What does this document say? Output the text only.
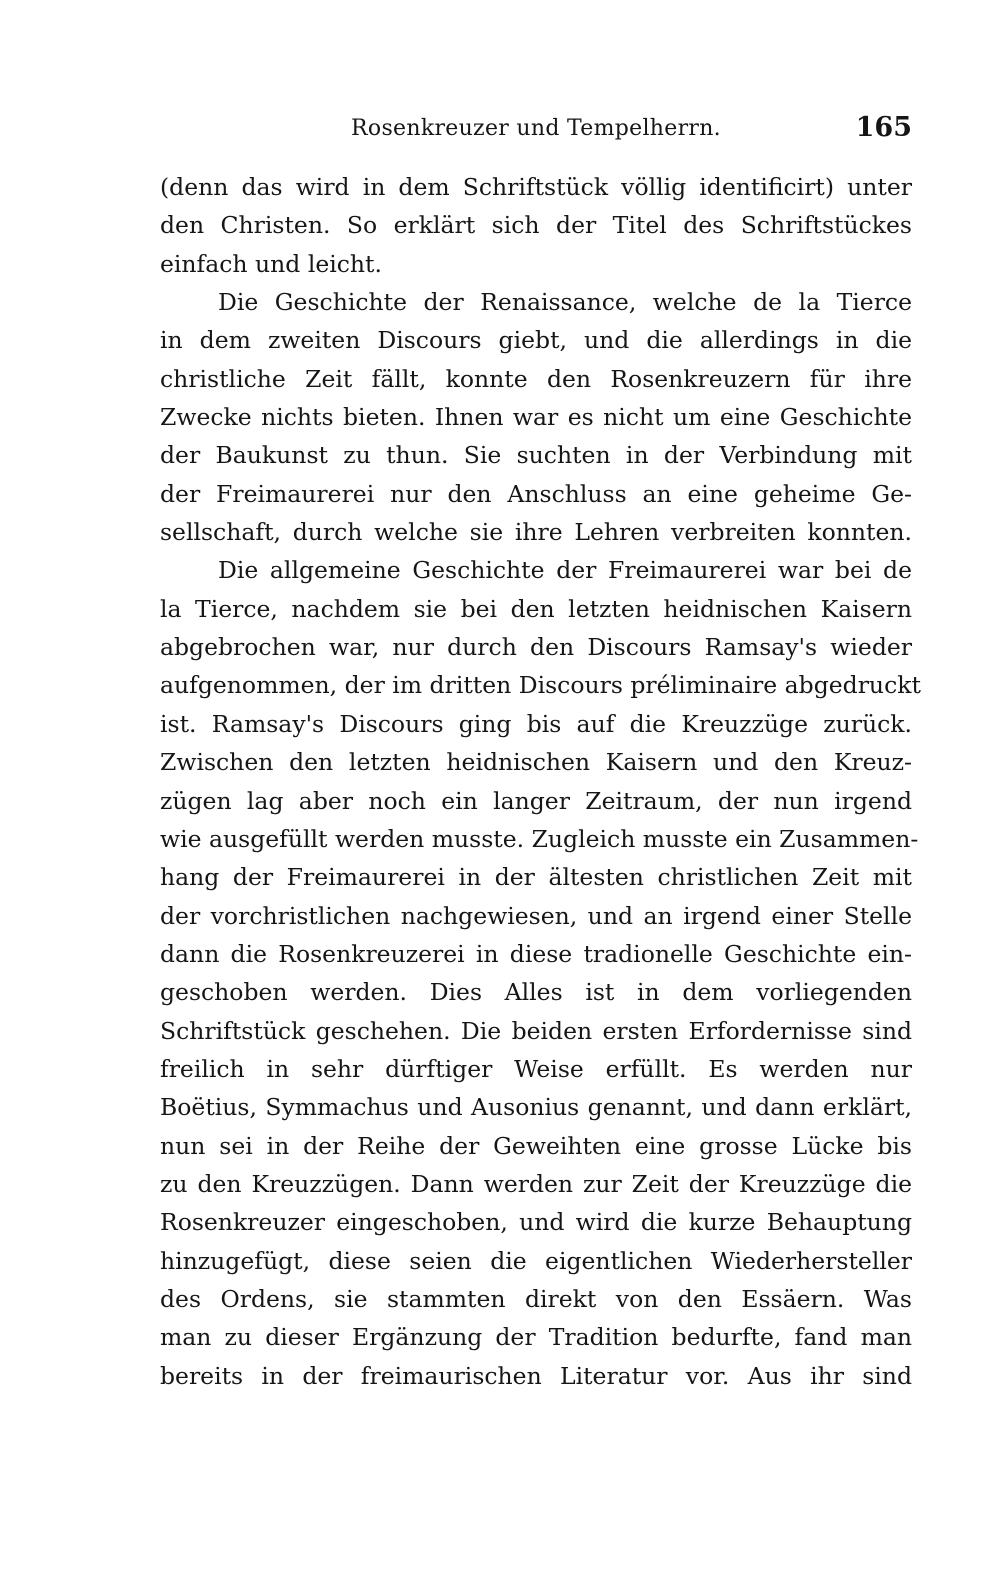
Rosenkreuzer und Tempelherrn.	165
(denn das wird in dem Schriftstück völlig identificirt) unter
den Christen. So erklärt sich der Titel des Schriftstückes
einfach und leicht.
Die Geschichte der Renaissance, welche de la Tierce
in dem zweiten Discours giebt, und die allerdings in die
christliche Zeit fällt, konnte den Rosenkreuzern für ihre
Zwecke nichts bieten. Ihnen war es nicht um eine Geschichte
der Baukunst zu thun. Sie suchten in der Verbindung mit
der Freimaurerei nur den Anschluss an eine geheime Ge-
sellschaft, durch welche sie ihre Lehren verbreiten konnten.
Die allgemeine Geschichte der Freimaurerei war bei de
la Tierce, nachdem sie bei den letzten heidnischen Kaisern
abgebrochen war, nur durch den Discours Ramsay's wieder
aufgenommen, der im dritten Discours préliminaire abgedruckt
ist. Ramsay's Discours ging bis auf die Kreuzzüge zurück.
Zwischen den letzten heidnischen Kaisern und den Kreuz-
zügen lag aber noch ein langer Zeitraum, der nun irgend
wie ausgefüllt werden musste. Zugleich musste ein Zusammen-
hang der Freimaurerei in der ältesten christlichen Zeit mit
der vorchristlichen nachgewiesen, und an irgend einer Stelle
dann die Rosenkreuzerei in diese tradionelle Geschichte ein-
geschoben werden. Dies Alles ist in dem vorliegenden
Schriftstück geschehen. Die beiden ersten Erfordernisse sind
freilich in sehr dürftiger Weise erfüllt. Es werden nur
Boëtius, Symmachus und Ausonius genannt, und dann erklärt,
nun sei in der Reihe der Geweihten eine grosse Lücke bis
zu den Kreuzzügen. Dann werden zur Zeit der Kreuzzüge die
Rosenkreuzer eingeschoben, und wird die kurze Behauptung
hinzugefügt, diese seien die eigentlichen Wiederhersteller
des Ordens, sie stammten direkt von den Essäern. Was
man zu dieser Ergänzung der Tradition bedurfte, fand man
bereits in der freimaurischen Literatur vor. Aus ihr sind
